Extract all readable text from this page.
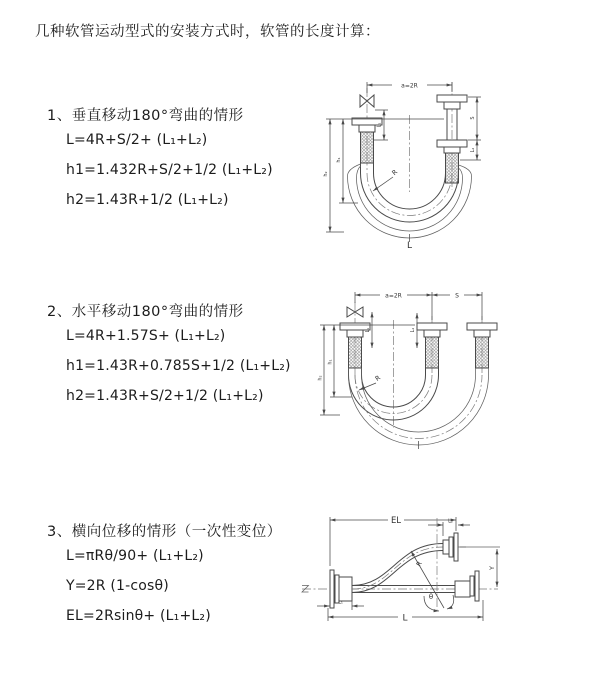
几种软管运动型式的安装方式时，软管的长度计算：
1、垂直移动180°弯曲的情形
L=4R+S/2+ (L₁+L₂)
h1=1.432R+S/2+1/2 (L₁+L₂)
h2=1.43R+1/2 (L₁+L₂)
2、水平移动180°弯曲的情形
L=4R+1.57S+ (L₁+L₂)
h1=1.43R+0.785S+1/2 (L₁+L₂)
h2=1.43R+S/2+1/2 (L₁+L₂)
3、横向位移的情形（一次性变位）
L=πRθ/90+ (L₁+L₂)
Y=2R (1-cosθ)
EL=2Rsinθ+ (L₁+L₂)
a=2R
L₁
S
L₂
h₁
h₂	R
L
a=2R	S
L₁	L₂
h₁
h₂	R
EL	L₂
Y
L
L₁
R
θ
